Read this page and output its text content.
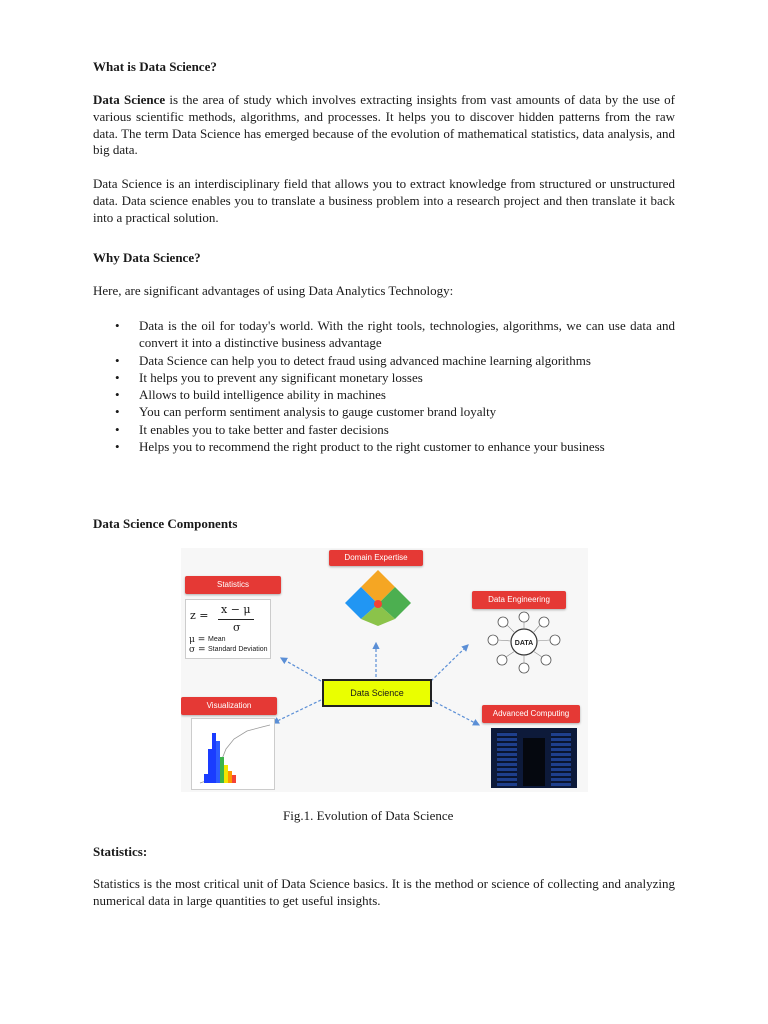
What is Data Science?

Data Science is the area of study which involves extracting insights from vast amounts of data by the use of various scientific methods, algorithms, and processes. It helps you to discover hidden patterns from the raw data. The term Data Science has emerged because of the evolution of mathematical statistics, data analysis, and big data.

Data Science is an interdisciplinary field that allows you to extract knowledge from structured or unstructured data. Data science enables you to translate a business problem into a research project and then translate it back into a practical solution.

Why Data Science?

Here, are significant advantages of using Data Analytics Technology:

• Data is the oil for today's world. With the right tools, technologies, algorithms, we can use data and convert it into a distinctive business advantage
• Data Science can help you to detect fraud using advanced machine learning algorithms
• It helps you to prevent any significant monetary losses
• Allows to build intelligence ability in machines
• You can perform sentiment analysis to gauge customer brand loyalty
• It enables you to take better and faster decisions
• Helps you to recommend the right product to the right customer to enhance your business
Data Science Components
Domain Expertise
Statistics
Data Engineering
Visualization
Advanced Computing
Data Science
z = x − μ
σ
μ = Mean
σ = Standard Deviation
DATA
Fig.1. Evolution of Data Science
Statistics:

Statistics is the most critical unit of Data Science basics. It is the method or science of collecting and analyzing numerical data in large quantities to get useful insights.
